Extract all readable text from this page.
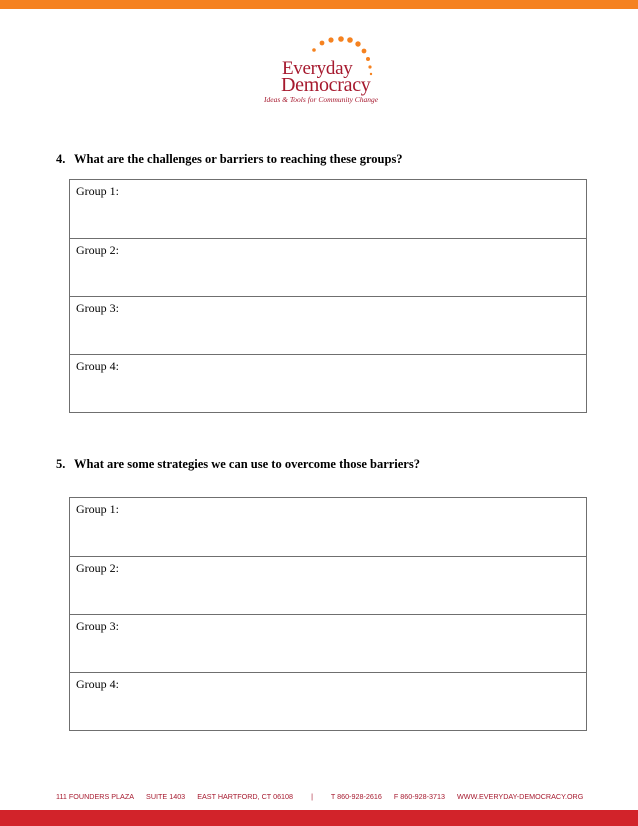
Everyday
Democracy
Ideas & Tools for Community Change
4. What are the challenges or barriers to reaching these groups?
Group 1:
Group 2:
Group 3:
Group 4:
5. What are some strategies we can use to overcome those barriers?
Group 1:
Group 2:
Group 3:
Group 4:
111 FOUNDERS PLAZA SUITE 1403 EAST HARTFORD, CT 06108	| T 860-928-2616 F 860-928-3713 WWW.EVERYDAY-DEMOCRACY.ORG
